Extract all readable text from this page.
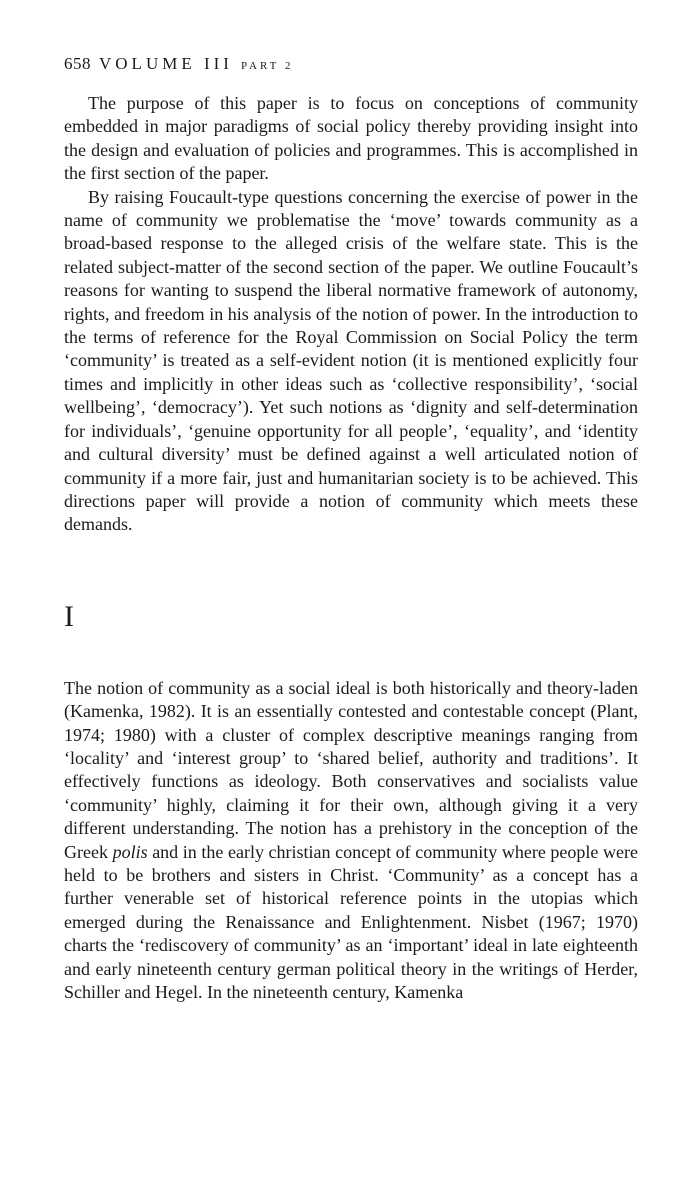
658 VOLUME III PART 2

The purpose of this paper is to focus on conceptions of community embedded in major paradigms of social policy thereby providing insight into the design and evaluation of policies and programmes. This is accomplished in the first section of the paper.

By raising Foucault-type questions concerning the exercise of power in the name of community we problematise the ‘move’ towards community as a broad-based response to the alleged crisis of the welfare state. This is the related subject-matter of the second section of the paper. We outline Foucault’s reasons for wanting to suspend the liberal normative framework of autonomy, rights, and freedom in his analysis of the notion of power. In the introduction to the terms of reference for the Royal Commission on Social Policy the term ‘community’ is treated as a self-evident notion (it is mentioned explicitly four times and implicitly in other ideas such as ‘collective responsibility’, ‘social wellbeing’, ‘democracy’). Yet such notions as ‘dignity and self-determination for individuals’, ‘genuine opportunity for all people’, ‘equality’, and ‘identity and cultural diversity’ must be defined against a well articulated notion of community if a more fair, just and humanitarian society is to be achieved. This directions paper will provide a notion of community which meets these demands.

I

The notion of community as a social ideal is both historically and theory-laden (Kamenka, 1982). It is an essentially contested and contestable concept (Plant, 1974; 1980) with a cluster of complex descriptive meanings ranging from ‘locality’ and ‘interest group’ to ‘shared belief, authority and traditions’. It effectively functions as ideology. Both conservatives and socialists value ‘community’ highly, claiming it for their own, although giving it a very different understanding. The notion has a prehistory in the conception of the Greek polis and in the early christian concept of community where people were held to be brothers and sisters in Christ. ‘Community’ as a concept has a further venerable set of historical reference points in the utopias which emerged during the Renaissance and Enlightenment. Nisbet (1967; 1970) charts the ‘rediscovery of community’ as an ‘important’ ideal in late eighteenth and early nineteenth century german political theory in the writings of Herder, Schiller and Hegel. In the nineteenth century, Kamenka
